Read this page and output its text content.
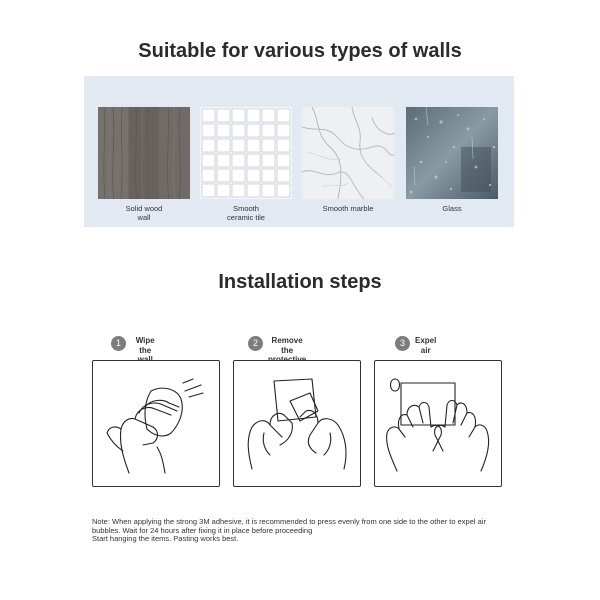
Suitable for various types of walls
Solid wood
wall
Smooth
ceramic tile
Smooth marble	Glass
Installation steps
1	Wipe the

2	Remove the

3	Expel air
Note: When applying the strong 3M adhesive, it is recommended to press evenly from one side to the other to expel air bubbles. Wait for 24 hours after fixing it in place before proceeding
Start hanging the items. Pasting works best.
